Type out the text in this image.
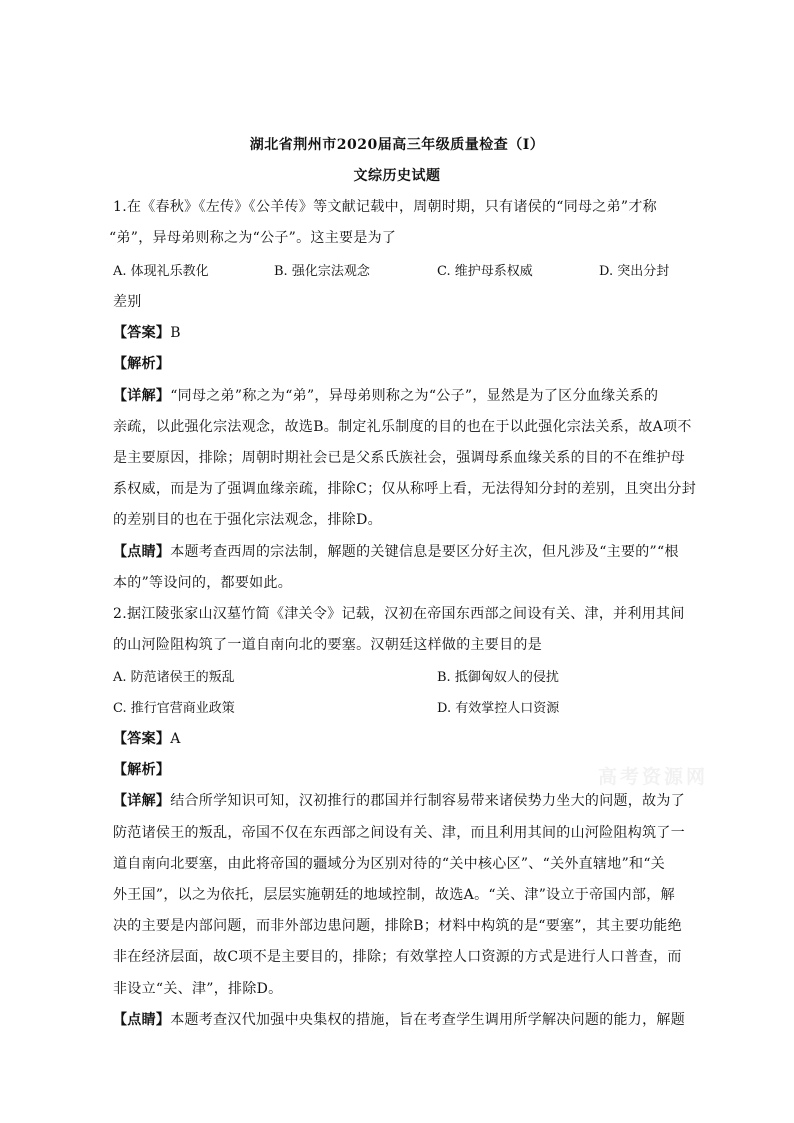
湖北省荆州市2020届高三年级质量检查（Ⅰ）
文综历史试题
1.在《春秋》《左传》《公羊传》等文献记载中，周朝时期，只有诸侯的“同母之弟”才称
“弟”，异母弟则称之为“公子”。这主要是为了
A. 体现礼乐教化	B. 强化宗法观念	C. 维护母系权威	D. 突出分封
差别
【答案】B
【解析】
【详解】“同母之弟”称之为“弟”，异母弟则称之为“公子”，显然是为了区分血缘关系的
亲疏，以此强化宗法观念，故选B。制定礼乐制度的目的也在于以此强化宗法关系，故A项不
是主要原因，排除；周朝时期社会已是父系氏族社会，强调母系血缘关系的目的不在维护母
系权威，而是为了强调血缘亲疏，排除C；仅从称呼上看，无法得知分封的差别，且突出分封
的差别目的也在于强化宗法观念，排除D。
【点睛】本题考查西周的宗法制，解题的关键信息是要区分好主次，但凡涉及“主要的”“根
本的”等设问的，都要如此。
2.据江陵张家山汉墓竹简《津关令》记载，汉初在帝国东西部之间设有关、津，并利用其间
的山河险阻构筑了一道自南向北的要塞。汉朝廷这样做的主要目的是
A. 防范诸侯王的叛乱	B. 抵御匈奴人的侵扰
C. 推行官营商业政策	D. 有效掌控人口资源
【答案】A
【解析】	高考资源网
【详解】结合所学知识可知，汉初推行的郡国并行制容易带来诸侯势力坐大的问题，故为了
防范诸侯王的叛乱，帝国不仅在东西部之间设有关、津，而且利用其间的山河险阻构筑了一
道自南向北要塞，由此将帝国的疆域分为区别对待的“关中核心区”、“关外直辖地”和“关
外王国”，以之为依托，层层实施朝廷的地域控制，故选A。“关、津”设立于帝国内部，解
决的主要是内部问题，而非外部边患问题，排除B；材料中构筑的是“要塞”，其主要功能绝
非在经济层面，故C项不是主要目的，排除；有效掌控人口资源的方式是进行人口普查，而
非设立“关、津”，排除D。
【点睛】本题考查汉代加强中央集权的措施，旨在考查学生调用所学解决问题的能力，解题
